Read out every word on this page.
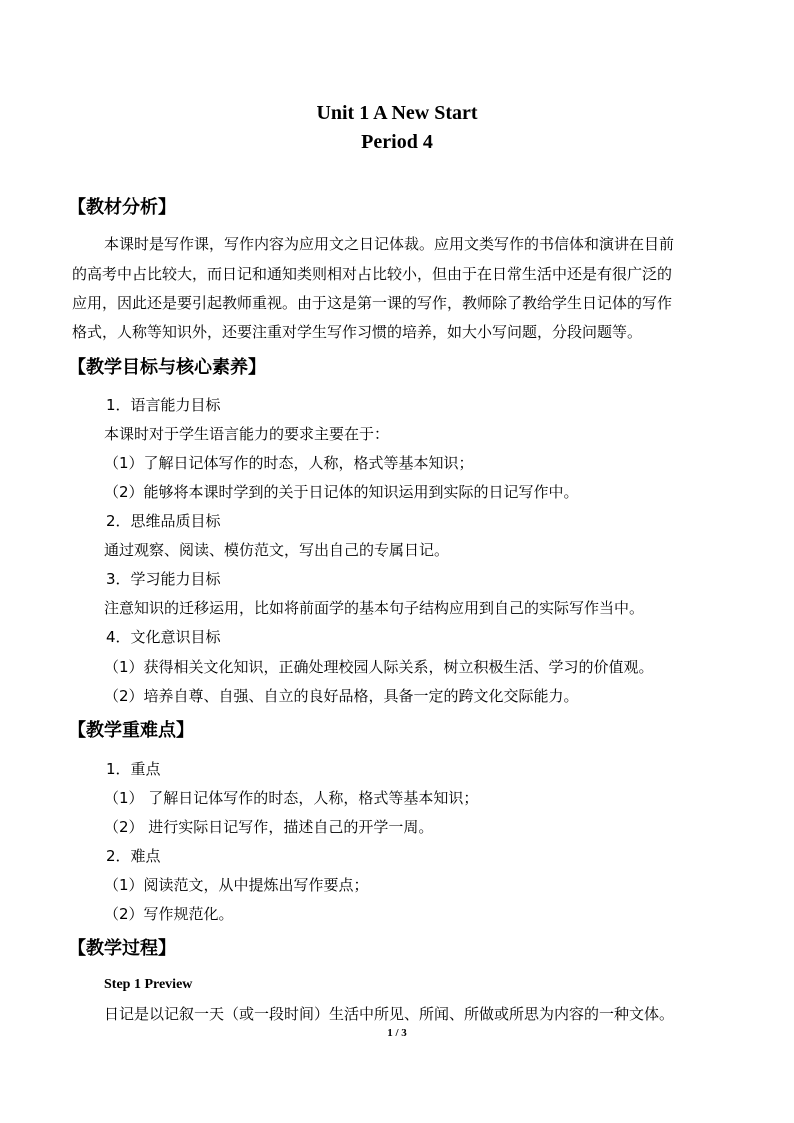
Unit 1 A New Start
Period 4
【教材分析】
本课时是写作课，写作内容为应用文之日记体裁。应用文类写作的书信体和演讲在目前
的高考中占比较大，而日记和通知类则相对占比较小，但由于在日常生活中还是有很广泛的
应用，因此还是要引起教师重视。由于这是第一课的写作，教师除了教给学生日记体的写作
格式，人称等知识外，还要注重对学生写作习惯的培养，如大小写问题，分段问题等。
【教学目标与核心素养】
1．语言能力目标
本课时对于学生语言能力的要求主要在于：
（1）了解日记体写作的时态，人称，格式等基本知识；
（2）能够将本课时学到的关于日记体的知识运用到实际的日记写作中。
2．思维品质目标
通过观察、阅读、模仿范文，写出自己的专属日记。
3．学习能力目标
注意知识的迁移运用，比如将前面学的基本句子结构应用到自己的实际写作当中。
4．文化意识目标
（1）获得相关文化知识，正确处理校园人际关系，树立积极生活、学习的价值观。
（2）培养自尊、自强、自立的良好品格，具备一定的跨文化交际能力。
【教学重难点】
1．重点
（1） 了解日记体写作的时态，人称，格式等基本知识；
（2） 进行实际日记写作，描述自己的开学一周。
2．难点
（1）阅读范文，从中提炼出写作要点；
（2）写作规范化。
【教学过程】
Step 1 Preview
日记是以记叙一天（或一段时间）生活中所见、所闻、所做或所思为内容的一种文体。
1 / 3
